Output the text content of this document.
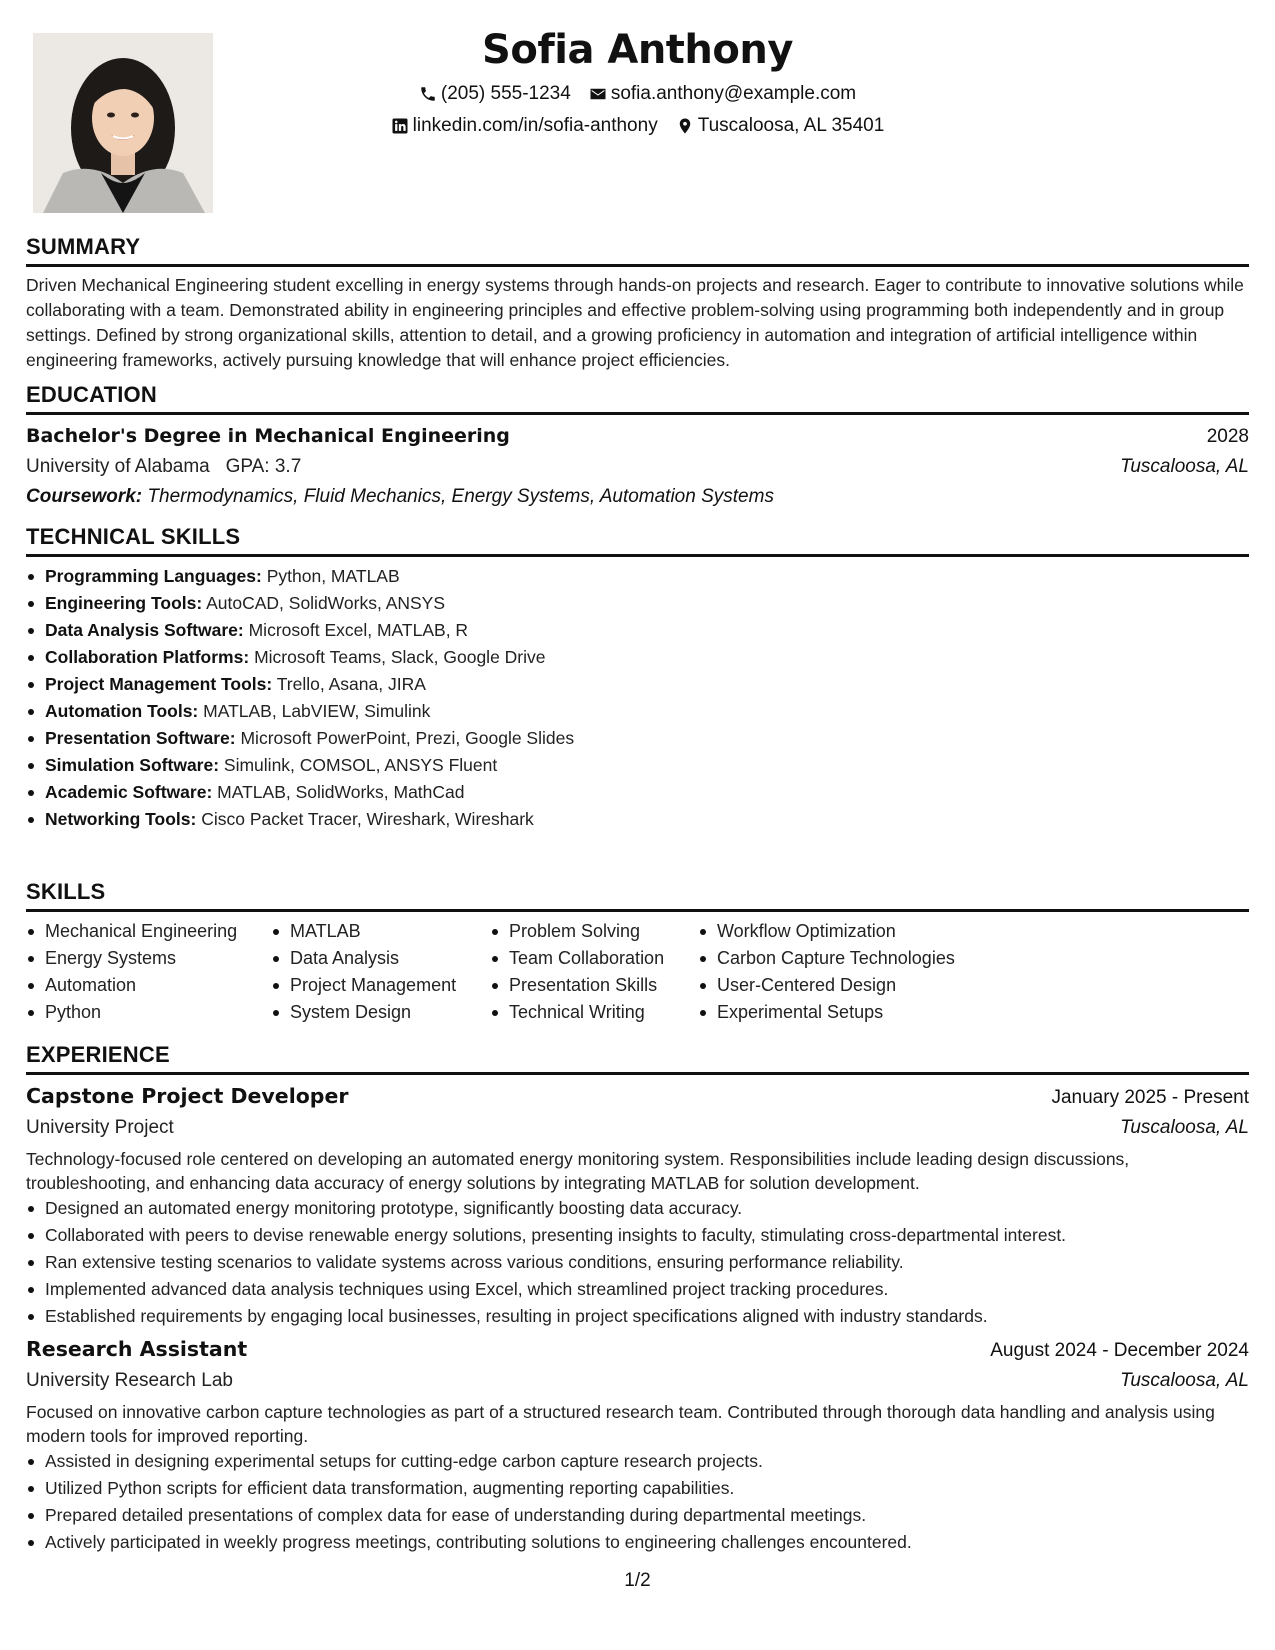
Sofia Anthony
(205) 555-1234 sofia.anthony@example.com
linkedin.com/in/sofia-anthony Tuscaloosa, AL 35401
SUMMARY
Driven Mechanical Engineering student excelling in energy systems through hands-on projects and research. Eager to contribute to innovative solutions while collaborating with a team. Demonstrated ability in engineering principles and effective problem-solving using programming both independently and in group settings. Defined by strong organizational skills, attention to detail, and a growing proficiency in automation and integration of artificial intelligence within engineering frameworks, actively pursuing knowledge that will enhance project efficiencies.
EDUCATION
Bachelor's Degree in Mechanical Engineering	2028
University of Alabama GPA: 3.7	Tuscaloosa, AL
Coursework: Thermodynamics, Fluid Mechanics, Energy Systems, Automation Systems
TECHNICAL SKILLS
Programming Languages: Python, MATLAB
Engineering Tools: AutoCAD, SolidWorks, ANSYS
Data Analysis Software: Microsoft Excel, MATLAB, R
Collaboration Platforms: Microsoft Teams, Slack, Google Drive
Project Management Tools: Trello, Asana, JIRA
Automation Tools: MATLAB, LabVIEW, Simulink
Presentation Software: Microsoft PowerPoint, Prezi, Google Slides
Simulation Software: Simulink, COMSOL, ANSYS Fluent
Academic Software: MATLAB, SolidWorks, MathCad
Networking Tools: Cisco Packet Tracer, Wireshark, Wireshark
SKILLS
Mechanical Engineering
Energy Systems
Automation
Python
MATLAB
Data Analysis
Project Management
System Design
Problem Solving
Team Collaboration
Presentation Skills
Technical Writing
Workflow Optimization
Carbon Capture Technologies
User-Centered Design
Experimental Setups
EXPERIENCE
Capstone Project Developer	January 2025 - Present
University Project	Tuscaloosa, AL
Technology-focused role centered on developing an automated energy monitoring system. Responsibilities include leading design discussions, troubleshooting, and enhancing data accuracy of energy solutions by integrating MATLAB for solution development.
Designed an automated energy monitoring prototype, significantly boosting data accuracy.
Collaborated with peers to devise renewable energy solutions, presenting insights to faculty, stimulating cross-departmental interest.
Ran extensive testing scenarios to validate systems across various conditions, ensuring performance reliability.
Implemented advanced data analysis techniques using Excel, which streamlined project tracking procedures.
Established requirements by engaging local businesses, resulting in project specifications aligned with industry standards.
Research Assistant	August 2024 - December 2024
University Research Lab	Tuscaloosa, AL
Focused on innovative carbon capture technologies as part of a structured research team. Contributed through thorough data handling and analysis using modern tools for improved reporting.
Assisted in designing experimental setups for cutting-edge carbon capture research projects.
Utilized Python scripts for efficient data transformation, augmenting reporting capabilities.
Prepared detailed presentations of complex data for ease of understanding during departmental meetings.
Actively participated in weekly progress meetings, contributing solutions to engineering challenges encountered.
1/2
